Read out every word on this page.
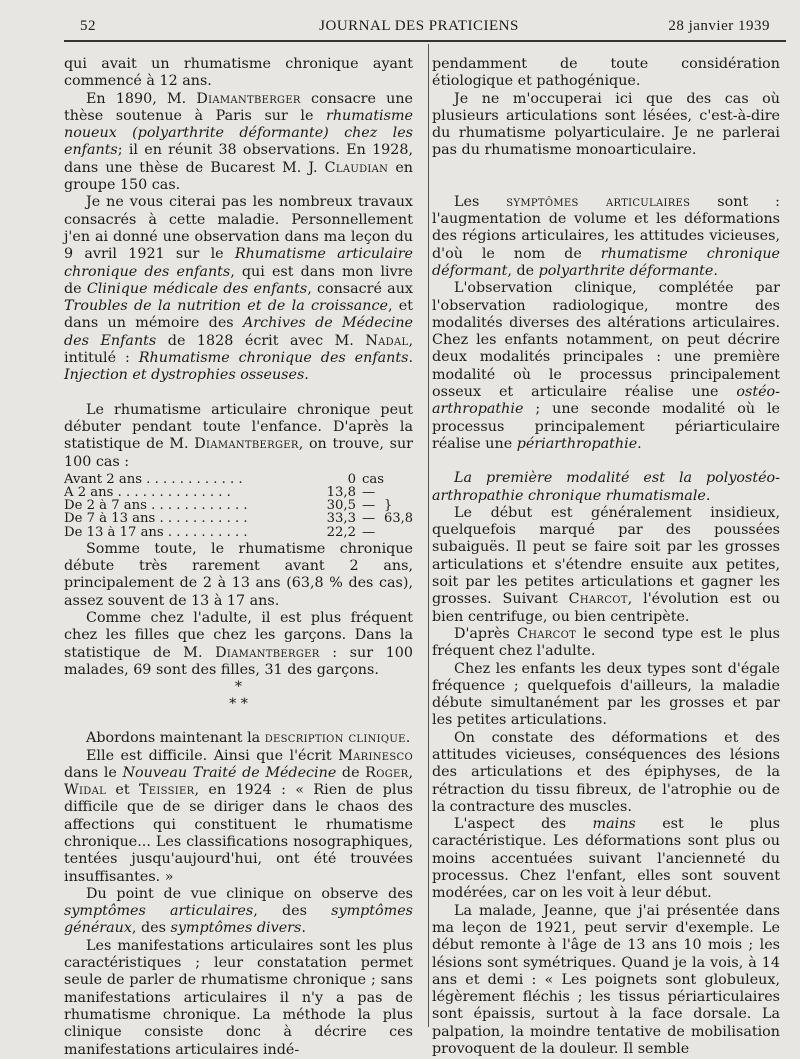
52	JOURNAL DES PRATICIENS	28 janvier 1939

qui avait un rhumatisme chronique ayant commencé à 12 ans.

En 1890, M. Diamantberger consacre une thèse soutenue à Paris sur le rhumatisme noueux (polyarthrite déformante) chez les enfants; il en réunit 38 observations. En 1928, dans une thèse de Bucarest M. J. Claudian en groupe 150 cas.

Je ne vous citerai pas les nombreux travaux consacrés à cette maladie. Personnellement j'en ai donné une observation dans ma leçon du 9 avril 1921 sur le Rhumatisme articulaire chronique des enfants, qui est dans mon livre de Clinique médicale des enfants, consacré aux Troubles de la nutrition et de la croissance, et dans un mémoire des Archives de Médecine des Enfants de 1828 écrit avec M. Nadal, intitulé : Rhumatisme chronique des enfants. Injection et dystrophies osseuses.

Le rhumatisme articulaire chronique peut débuter pendant toute l'enfance. D'après la statistique de M. Diamantberger, on trouve, sur 100 cas :

Avant 2 ans . . . . . . . . . . . .	0	cas	
A 2 ans . . . . . . . . . . . . . .	13,8	—	
De 2 à 7 ans . . . . . . . . . . . .	30,5	—	} 63,8
De 7 à 13 ans . . . . . . . . . . .	33,3	—	
De 13 à 17 ans . . . . . . . . . .	22,2	—	

Somme toute, le rhumatisme chronique débute très rarement avant 2 ans, principalement de 2 à 13 ans (63,8 % des cas), assez souvent de 13 à 17 ans.

Comme chez l'adulte, il est plus fréquent chez les filles que chez les garçons. Dans la statistique de M. Diamantberger : sur 100 malades, 69 sont des filles, 31 des garçons.

*
* *

Abordons maintenant la description clinique.

Elle est difficile. Ainsi que l'écrit Marinesco dans le Nouveau Traité de Médecine de Roger, Widal et Teissier, en 1924 : « Rien de plus difficile que de se diriger dans le chaos des affections qui constituent le rhumatisme chronique... Les classifications nosographiques, tentées jusqu'aujourd'hui, ont été trouvées insuffisantes. »

Du point de vue clinique on observe des symptômes articulaires, des symptômes généraux, des symptômes divers.

Les manifestations articulaires sont les plus caractéristiques ; leur constatation permet seule de parler de rhumatisme chronique ; sans manifestations articulaires il n'y a pas de rhumatisme chronique. La méthode la plus clinique consiste donc à décrire ces manifestations articulaires indé-

pendamment de toute considération étiologique et pathogénique.

Je ne m'occuperai ici que des cas où plusieurs articulations sont lésées, c'est-à-dire du rhumatisme polyarticulaire. Je ne parlerai pas du rhumatisme monoarticulaire.

Les symptômes articulaires sont : l'augmentation de volume et les déformations des régions articulaires, les attitudes vicieuses, d'où le nom de rhumatisme chronique déformant, de polyarthrite déformante.

L'observation clinique, complétée par l'observation radiologique, montre des modalités diverses des altérations articulaires. Chez les enfants notamment, on peut décrire deux modalités principales : une première modalité où le processus principalement osseux et articulaire réalise une ostéo-arthropathie ; une seconde modalité où le processus principalement périarticulaire réalise une périarthropathie.

La première modalité est la polyostéo-arthropathie chronique rhumatismale.

Le début est généralement insidieux, quelquefois marqué par des poussées subaiguës. Il peut se faire soit par les grosses articulations et s'étendre ensuite aux petites, soit par les petites articulations et gagner les grosses. Suivant Charcot, l'évolution est ou bien centrifuge, ou bien centripète.

D'après Charcot le second type est le plus fréquent chez l'adulte.

Chez les enfants les deux types sont d'égale fréquence ; quelquefois d'ailleurs, la maladie débute simultanément par les grosses et par les petites articulations.

On constate des déformations et des attitudes vicieuses, conséquences des lésions des articulations et des épiphyses, de la rétraction du tissu fibreux, de l'atrophie ou de la contracture des muscles.

L'aspect des mains est le plus caractéristique. Les déformations sont plus ou moins accentuées suivant l'ancienneté du processus. Chez l'enfant, elles sont souvent modérées, car on les voit à leur début.

La malade, Jeanne, que j'ai présentée dans ma leçon de 1921, peut servir d'exemple. Le début remonte à l'âge de 13 ans 10 mois ; les lésions sont symétriques. Quand je la vois, à 14 ans et demi : « Les poignets sont globuleux, légèrement fléchis ; les tissus périarticulaires sont épaissis, surtout à la face dorsale. La palpation, la moindre tentative de mobilisation provoquent de la douleur. Il semble
